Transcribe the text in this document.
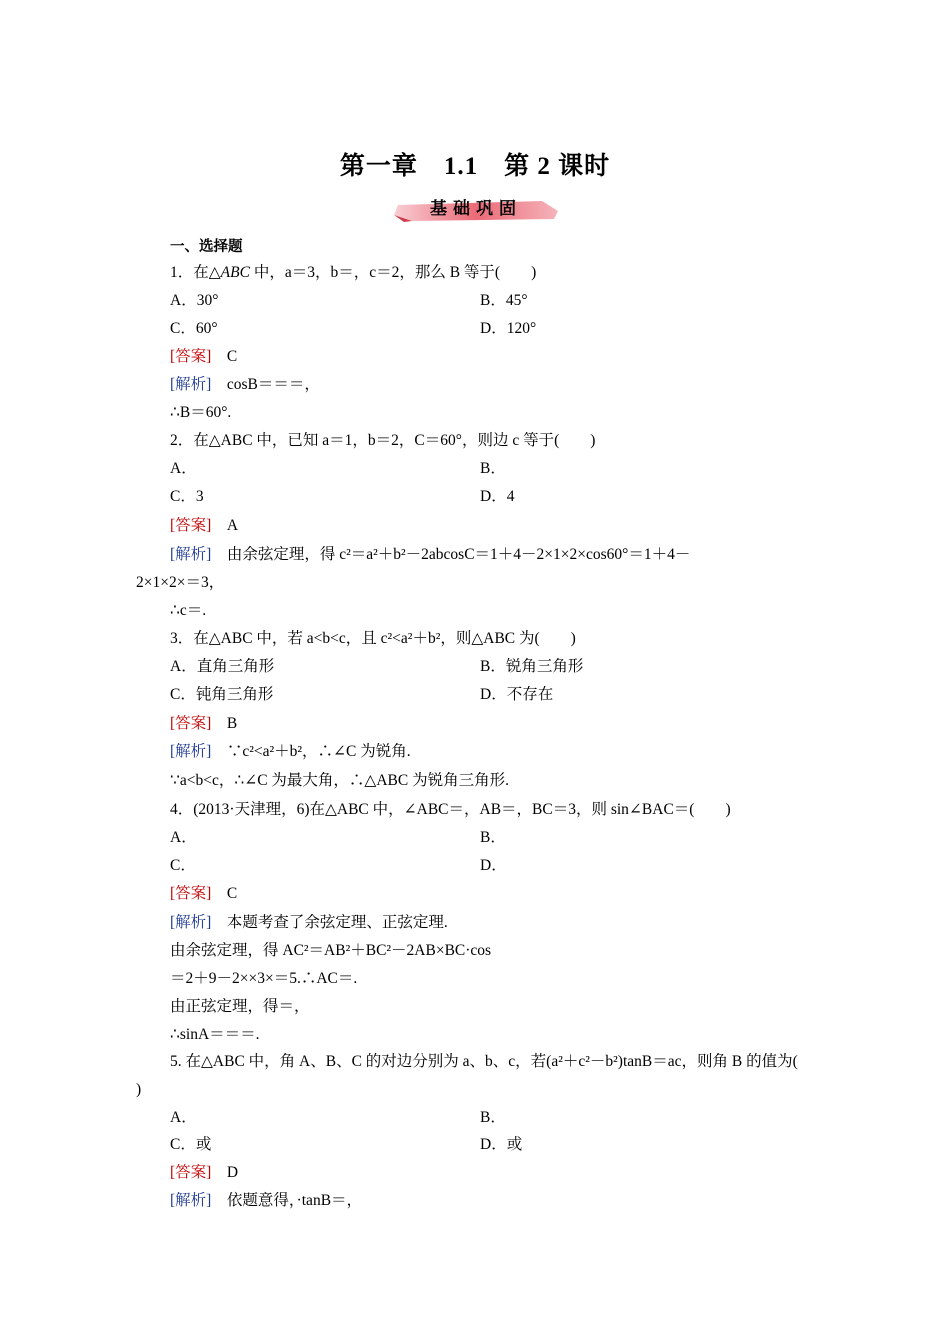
第一章　1.1　第 2 课时
基础巩固
一、选择题
1．在△ABC 中，a＝3，b＝，c＝2，那么 B 等于(　　)
A．30°	B．45°
C．60°	D．120°
[答案]　 C
[解析]　 cosB＝＝＝，
∴B＝60°.
2．在△ABC 中，已知 a＝1，b＝2，C＝60°，则边 c 等于(　　)
A．	B．
C．3	D．4
[答案]　 A
[解析]　 由余弦定理，得 c²＝a²＋b²－2abcosC＝1＋4－2×1×2×cos60°＝1＋4－
2×1×2×＝3，
∴c＝.
3．在△ABC 中，若 a<b<c，且 c²<a²＋b²，则△ABC 为(　　)
A．直角三角形	B．锐角三角形
C．钝角三角形	D．不存在
[答案]　 B
[解析]　 ∵c²<a²＋b²，∴∠C 为锐角.
∵a<b<c，∴∠C 为最大角，∴△ABC 为锐角三角形.
4．(2013·天津理，6)在△ABC 中，∠ABC＝，AB＝，BC＝3，则 sin∠BAC＝(　　)
A．	B．
C．	D．
[答案]　 C
[解析]　 本题考查了余弦定理、正弦定理.
由余弦定理，得 AC²＝AB²＋BC²－2AB×BC·cos
＝2＋9－2××3×＝5.∴AC＝.
由正弦定理，得＝，
∴sinA＝＝＝.
5. 在△ABC 中，角 A、B、C 的对边分别为 a、b、c，若(a²＋c²－b²)tanB＝ac，则角 B 的值为(
)
A．	B．
C．或	D．或
[答案]　 D
[解析]　 依题意得，·tanB＝，
